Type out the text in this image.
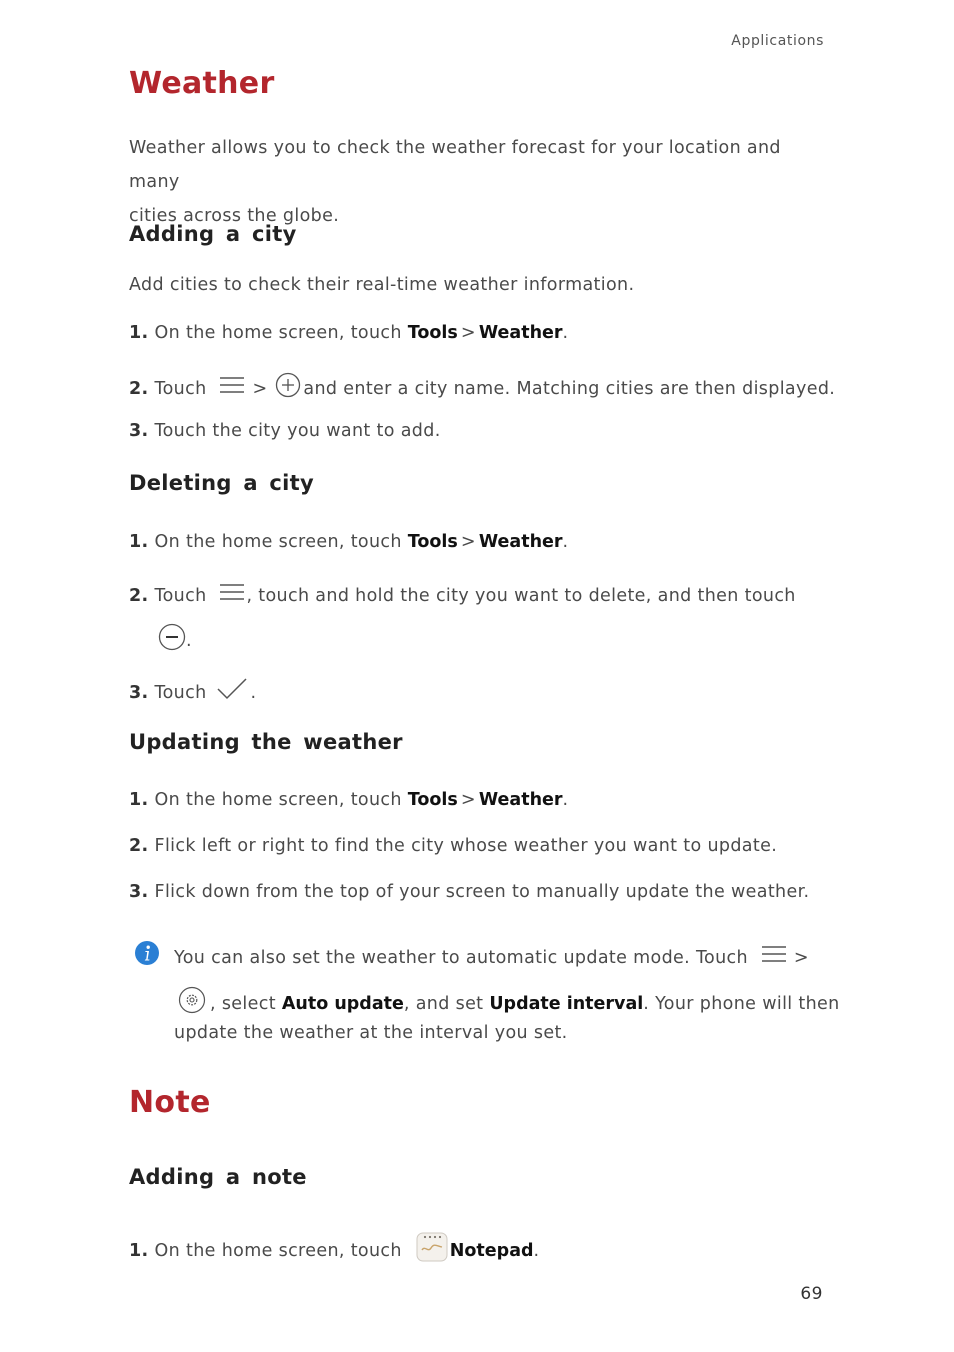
Applications
Weather
Weather allows you to check the weather forecast for your location and many
cities across the globe.
Adding a city
Add cities to check their real-time weather information.
1. On the home screen, touch Tools > Weather.
2. Touch	> and enter a city name. Matching cities are then displayed.
3. Touch the city you want to add.
Deleting a city
1. On the home screen, touch Tools > Weather.
2. Touch , touch and hold the city you want to delete, and then touch
.
3. Touch	.
Updating the weather
1. On the home screen, touch Tools > Weather.
2. Flick left or right to find the city whose weather you want to update.
3. Flick down from the top of your screen to manually update the weather.
You can also set the weather to automatic update mode. Touch	>
, select Auto update, and set Update interval. Your phone will then
update the weather at the interval you set.
Note
Adding a note
1. On the home screen, touch	Notepad.
69
